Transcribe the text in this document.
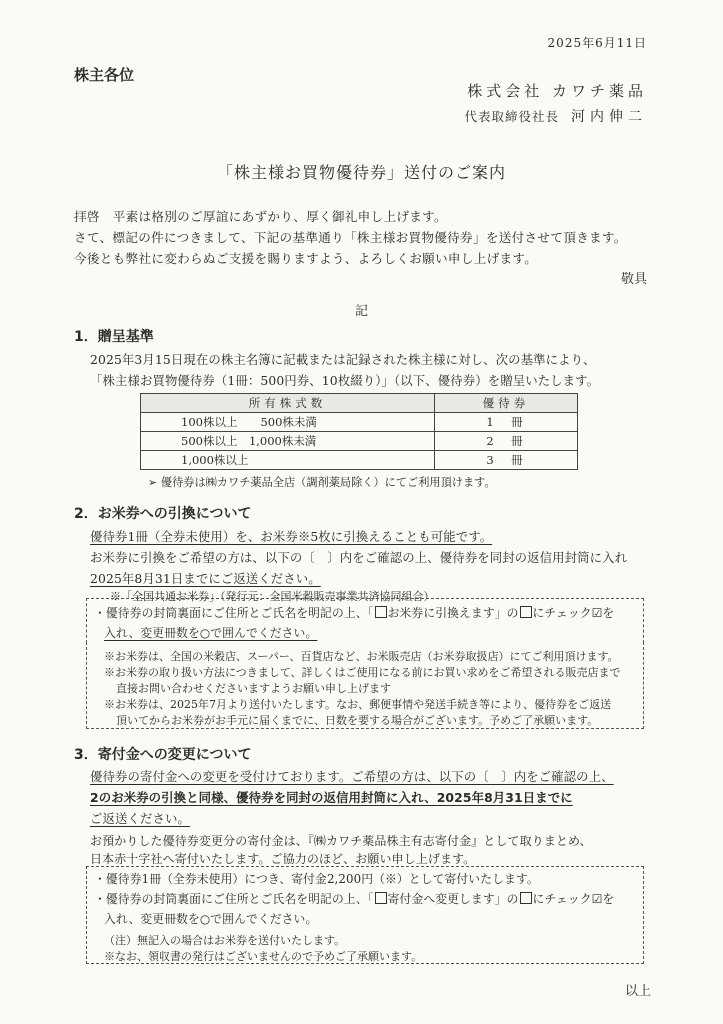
2025年6月11日
株主各位
株式会社 カワチ薬品
代表取締役社長 河内伸二
「株主様お買物優待券」送付のご案内
拝啓　平素は格別のご厚誼にあずかり、厚く御礼申し上げます。
さて、標記の件につきまして、下記の基準通り「株主様お買物優待券」を送付させて頂きます。
今後とも弊社に変わらぬご支援を賜りますよう、よろしくお願い申し上げます。
敬具
記
1．贈呈基準
2025年3月15日現在の株主名簿に記載または記録された株主様に対し、次の基準により、
「株主様お買物優待券（1冊：500円券、10枚綴り）」（以下、優待券）を贈呈いたします。
所有株式数	優待券
100株以上　　500株未満	1　冊
500株以上　1,000株未満	2　冊
1,000株以上	3　冊
➢ 優待券は㈱カワチ薬品全店（調剤薬局除く）にてご利用頂けます。
2．お米券への引換について
優待券1冊（全券未使用）を、お米券※5枚に引換えることも可能です。
お米券に引換をご希望の方は、以下の〔　〕内をご確認の上、優待券を同封の返信用封筒に入れ
2025年8月31日までにご返送ください。
※「全国共通お米券」（発行元：全国米穀販売事業共済協同組合）
・優待券の封筒裏面にご住所とご氏名を明記の上、「 お米券に引換えます」の にチェック☑を
入れ、変更冊数を○で囲んでください。
※お米券は、全国の米穀店、スーパー、百貨店など、お米販売店（お米券取扱店）にてご利用頂けます。
※お米券の取り扱い方法につきまして、詳しくはご使用になる前にお買い求めをご希望される販売店まで
直接お問い合わせくださいますようお願い申し上げます
※お米券は、2025年7月より送付いたします。なお、郵便事情や発送手続き等により、優待券をご返送
頂いてからお米券がお手元に届くまでに、日数を要する場合がございます。予めご了承願います。
3．寄付金への変更について
優待券の寄付金への変更を受付けております。ご希望の方は、以下の〔　〕内をご確認の上、
2のお米券の引換と同様、優待券を同封の返信用封筒に入れ、2025年8月31日までに
ご返送ください。
お預かりした優待券変更分の寄付金は、『㈱カワチ薬品株主有志寄付金』として取りまとめ、
日本赤十字社へ寄付いたします。ご協力のほど、お願い申し上げます。
・優待券1冊（全券未使用）につき、寄付金2,200円（※）として寄付いたします。
・優待券の封筒裏面にご住所とご氏名を明記の上、「 寄付金へ変更します」の にチェック☑を
入れ、変更冊数を○で囲んでください。
（注）無記入の場合はお米券を送付いたします。
※なお、領収書の発行はございませんので予めご了承願います。
以上
